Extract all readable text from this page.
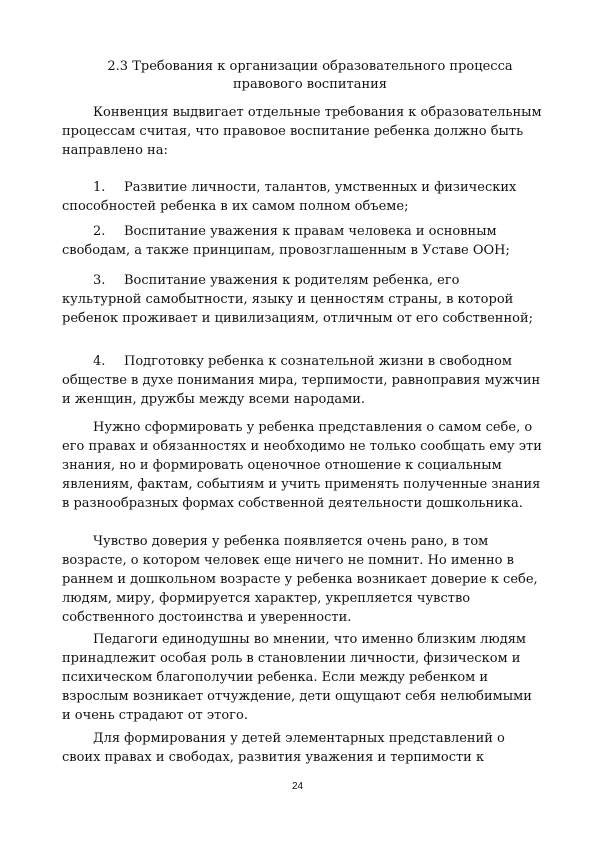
2.3 Требования к организации образовательного процесса
правового воспитания

Конвенция выдвигает отдельные требования к образовательным процессам считая, что правовое воспитание ребенка должно быть направлено на:

1. Развитие личности, талантов, умственных и физических способностей ребенка в их самом полном объеме;

2. Воспитание уважения к правам человека и основным свободам, а также принципам, провозглашенным в Уставе ООН;

3. Воспитание уважения к родителям ребенка, его культурной самобытности, языку и ценностям страны, в которой ребенок проживает и цивилизациям, отличным от его собственной;

4. Подготовку ребенка к сознательной жизни в свободном обществе в духе понимания мира, терпимости, равноправия мужчин и женщин, дружбы между всеми народами.

Нужно сформировать у ребенка представления о самом себе, о его правах и обязанностях и необходимо не только сообщать ему эти знания, но и формировать оценочное отношение к социальным явлениям, фактам, событиям и учить применять полученные знания в разнообразных формах собственной деятельности дошкольника.

Чувство доверия у ребенка появляется очень рано, в том возрасте, о котором человек еще ничего не помнит. Но именно в раннем и дошкольном возрасте у ребенка возникает доверие к себе, людям, миру, формируется характер, укрепляется чувство собственного достоинства и уверенности.

Педагоги единодушны во мнении, что именно близким людям принадлежит особая роль в становлении личности, физическом и психическом благополучии ребенка. Если между ребенком и взрослым возникает отчуждение, дети ощущают себя нелюбимыми и очень страдают от этого.

Для формирования у детей элементарных представлений о своих правах и свободах, развития уважения и терпимости к

24
